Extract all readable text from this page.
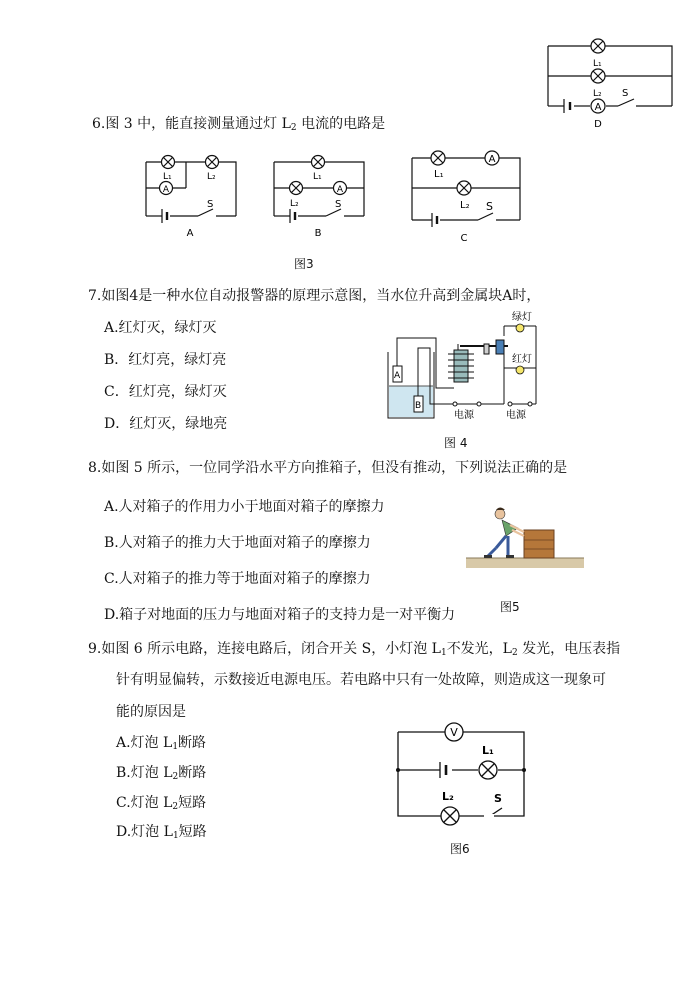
A
L₁
L₂ S
D
6.图 3 中，能直接测量通过灯 $L_2$ 电流的电路是
A
L₁	L₂
S
A
A
L₁
L₂	S
B
A
L₁
L₂ S
C
图3
7.如图4是一种水位自动报警器的原理示意图，当水位升高到金属块A时，
A.红灯灭，绿灯灭
B．红灯亮，绿灯亮
C．红灯亮，绿灯灭
D．红灯灭，绿地亮
绿灯
红灯
A
B
电源	电源
图 4
8.如图 5 所示，一位同学沿水平方向推箱子，但没有推动，下列说法正确的是
A.人对箱子的作用力小于地面对箱子的摩擦力
B.人对箱子的推力大于地面对箱子的摩擦力
C.人对箱子的推力等于地面对箱子的摩擦力
D.箱子对地面的压力与地面对箱子的支持力是一对平衡力	图5
9.如图 6 所示电路，连接电路后，闭合开关 S，小灯泡 $L_1$不发光，$L_2$ 发光，电压表指
针有明显偏转，示数接近电源电压。若电路中只有一处故障，则造成这一现象可
能的原因是
A.灯泡 $L_1$断路
B.灯泡 $L_2$断路
C.灯泡 $L_2$短路
D.灯泡 $L_1$短路
V
L₁
L₂	S
图6
